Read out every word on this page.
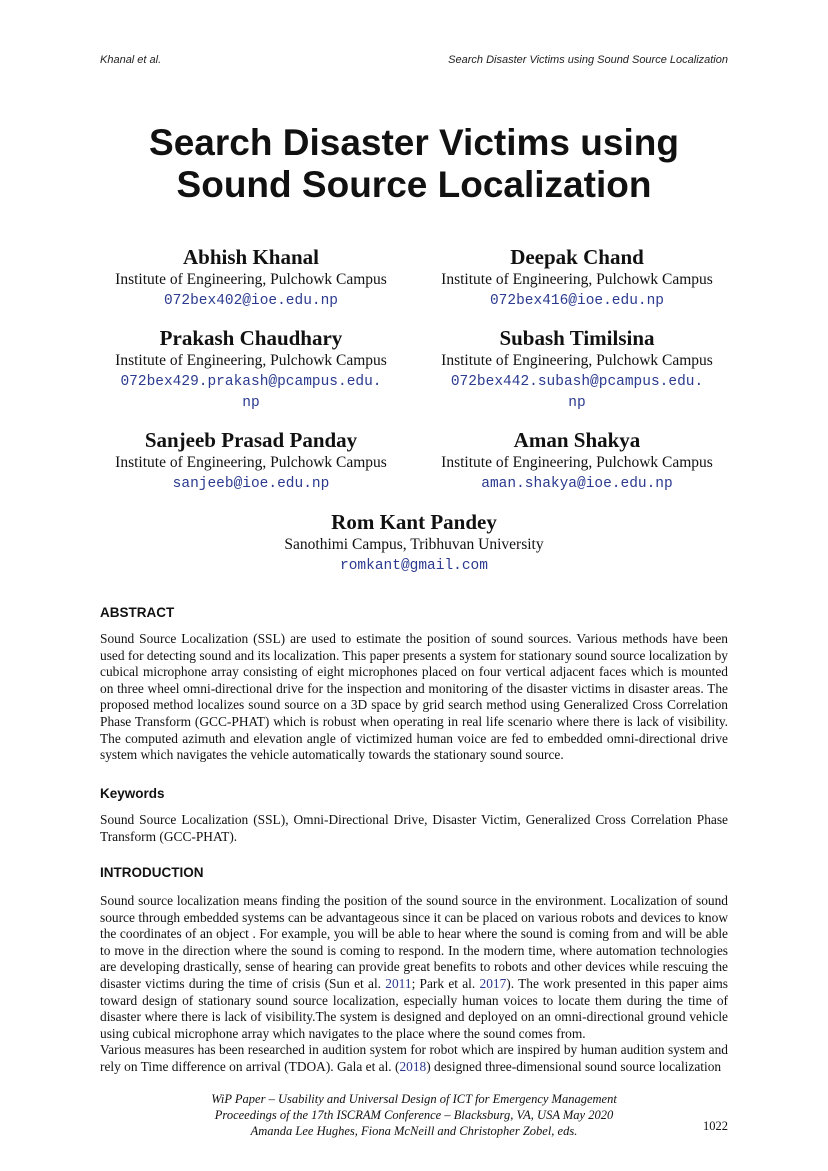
Khanal et al.	Search Disaster Victims using Sound Source Localization
Search Disaster Victims using
Sound Source Localization
Abhish Khanal
Institute of Engineering, Pulchowk Campus
072bex402@ioe.edu.np
Deepak Chand
Institute of Engineering, Pulchowk Campus
072bex416@ioe.edu.np
Prakash Chaudhary
Institute of Engineering, Pulchowk Campus
072bex429.prakash@pcampus.edu.
np
Subash Timilsina
Institute of Engineering, Pulchowk Campus
072bex442.subash@pcampus.edu.
np
Sanjeeb Prasad Panday
Institute of Engineering, Pulchowk Campus
sanjeeb@ioe.edu.np
Aman Shakya
Institute of Engineering, Pulchowk Campus
aman.shakya@ioe.edu.np
Rom Kant Pandey
Sanothimi Campus, Tribhuvan University
romkant@gmail.com
ABSTRACT

Sound Source Localization (SSL) are used to estimate the position of sound sources. Various methods have been used for detecting sound and its localization. This paper presents a system for stationary sound source localization by cubical microphone array consisting of eight microphones placed on four vertical adjacent faces which is mounted on three wheel omni-directional drive for the inspection and monitoring of the disaster victims in disaster areas. The proposed method localizes sound source on a 3D space by grid search method using Generalized Cross Correlation Phase Transform (GCC-PHAT) which is robust when operating in real life scenario where there is lack of visibility. The computed azimuth and elevation angle of victimized human voice are fed to embedded omni-directional drive system which navigates the vehicle automatically towards the stationary sound source.

Keywords

Sound Source Localization (SSL), Omni-Directional Drive, Disaster Victim, Generalized Cross Correlation Phase Transform (GCC-PHAT).

INTRODUCTION

Sound source localization means finding the position of the sound source in the environment. Localization of sound source through embedded systems can be advantageous since it can be placed on various robots and devices to know the coordinates of an object . For example, you will be able to hear where the sound is coming from and will be able to move in the direction where the sound is coming to respond. In the modern time, where automation technologies are developing drastically, sense of hearing can provide great benefits to robots and other devices while rescuing the disaster victims during the time of crisis (Sun et al. 2011; Park et al. 2017). The work presented in this paper aims toward design of stationary sound source localization, especially human voices to locate them during the time of disaster where there is lack of visibility.The system is designed and deployed on an omni-directional ground vehicle using cubical microphone array which navigates to the place where the sound comes from.

Various measures has been researched in audition system for robot which are inspired by human audition system and rely on Time difference on arrival (TDOA). Gala et al. (2018) designed three-dimensional sound source localization

WiP Paper – Usability and Universal Design of ICT for Emergency Management
Proceedings of the 17th ISCRAM Conference – Blacksburg, VA, USA May 2020
Amanda Lee Hughes, Fiona McNeill and Christopher Zobel, eds.	1022
